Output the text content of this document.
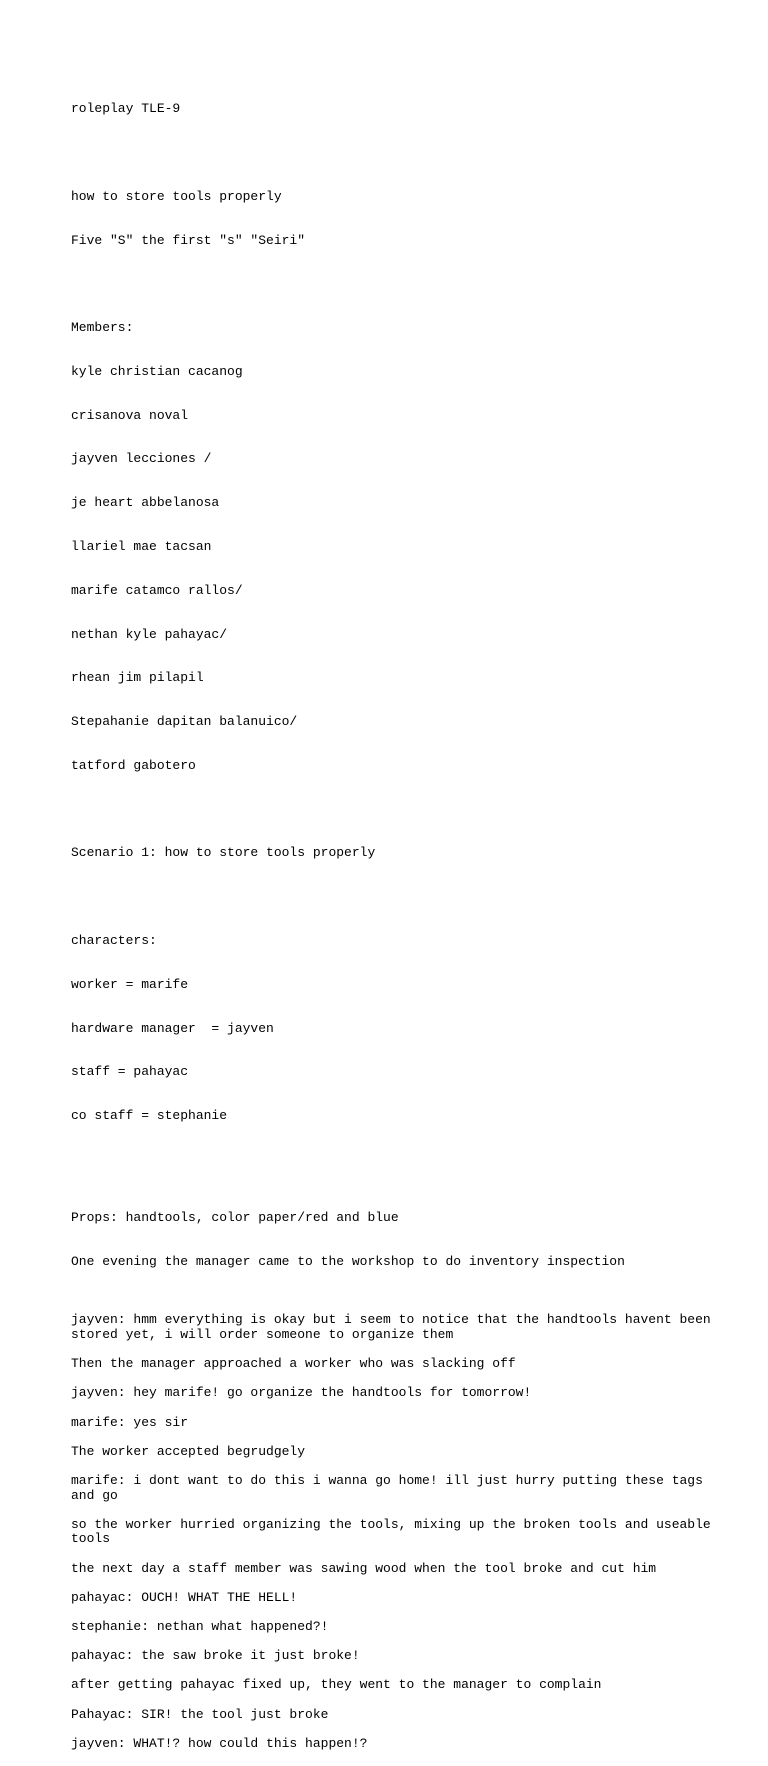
roleplay TLE-9

how to store tools properly

Five "S" the first "s" "Seiri"

Members:

kyle christian cacanog

crisanova noval

jayven lecciones /

je heart abbelanosa

llariel mae tacsan

marife catamco rallos/

nethan kyle pahayac/

rhean jim pilapil

Stepahanie dapitan balanuico/

tatford gabotero

Scenario 1: how to store tools properly

characters:

worker = marife

hardware manager  = jayven

staff = pahayac

co staff = stephanie

Props: handtools, color paper/red and blue

One evening the manager came to the workshop to do inventory inspection

jayven: hmm everything is okay but i seem to notice that the handtools havent been stored yet, i will order someone to organize them
Then the manager approached a worker who was slacking off
jayven: hey marife! go organize the handtools for tomorrow!
marife: yes sir
The worker accepted begrudgely
marife: i dont want to do this i wanna go home! ill just hurry putting these tags and go
so the worker hurried organizing the tools, mixing up the broken tools and useable tools
the next day a staff member was sawing wood when the tool broke and cut him
pahayac: OUCH! WHAT THE HELL!
stephanie: nethan what happened?!
pahayac: the saw broke it just broke!
after getting pahayac fixed up, they went to the manager to complain
Pahayac: SIR! the tool just broke
jayven: WHAT!? how could this happen!?
